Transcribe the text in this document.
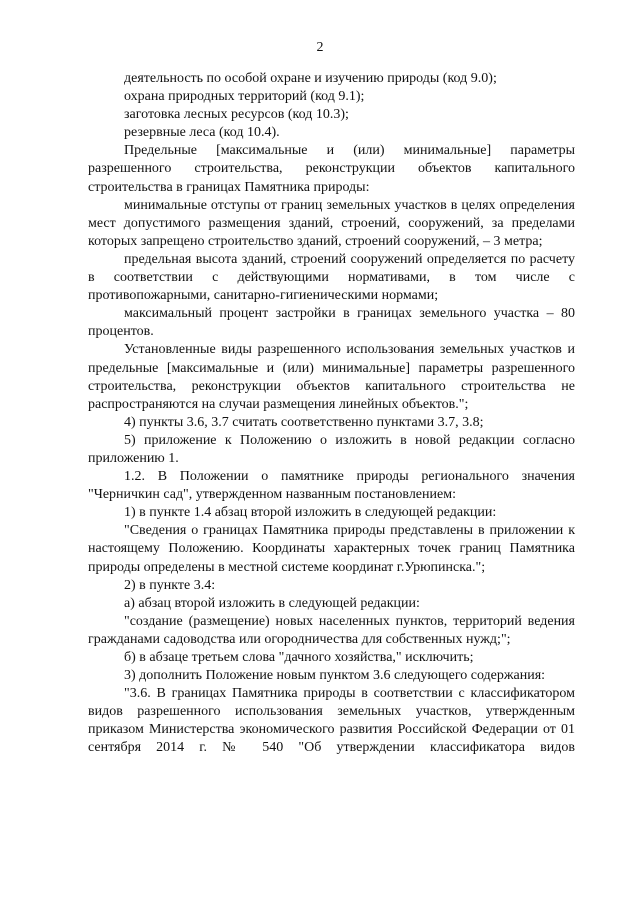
2

деятельность по особой охране и изучению природы (код 9.0);

охрана природных территорий (код 9.1);

заготовка лесных ресурсов (код 10.3);

резервные леса (код 10.4).

Предельные [максимальные и (или) минимальные] параметры разрешенного строительства, реконструкции объектов капитального строительства в границах Памятника природы:

минимальные отступы от границ земельных участков в целях определения мест допустимого размещения зданий, строений, сооружений, за пределами которых запрещено строительство зданий, строений сооружений, – 3 метра;

предельная высота зданий, строений сооружений определяется по расчету в соответствии с действующими нормативами, в том числе с противопожарными, санитарно-гигиеническими нормами;

максимальный процент застройки в границах земельного участка – 80 процентов.

Установленные виды разрешенного использования земельных участков и предельные [максимальные и (или) минимальные] параметры разрешенного строительства, реконструкции объектов капитального строительства не распространяются на случаи размещения линейных объектов.";

4) пункты 3.6, 3.7 считать соответственно пунктами 3.7, 3.8;

5) приложение к Положению о изложить в новой редакции согласно приложению 1.

1.2. В Положении о памятнике природы регионального значения "Черничкин сад", утвержденном названным постановлением:

1) в пункте 1.4 абзац второй изложить в следующей редакции:

"Сведения о границах Памятника природы представлены в приложении к настоящему Положению. Координаты характерных точек границ Памятника природы определены в местной системе координат г.Урюпинска.";

2) в пункте 3.4:

а) абзац второй изложить в следующей редакции:

"создание (размещение) новых населенных пунктов, территорий ведения гражданами садоводства или огородничества для собственных нужд;";

б) в абзаце третьем слова "дачного хозяйства," исключить;

3) дополнить Положение новым пунктом 3.6 следующего содержания:

"3.6. В границах Памятника природы в соответствии с классификатором видов разрешенного использования земельных участков, утвержденным приказом Министерства экономического развития Российской Федерации от 01 сентября 2014 г. № 540 "Об утверждении классификатора видов
